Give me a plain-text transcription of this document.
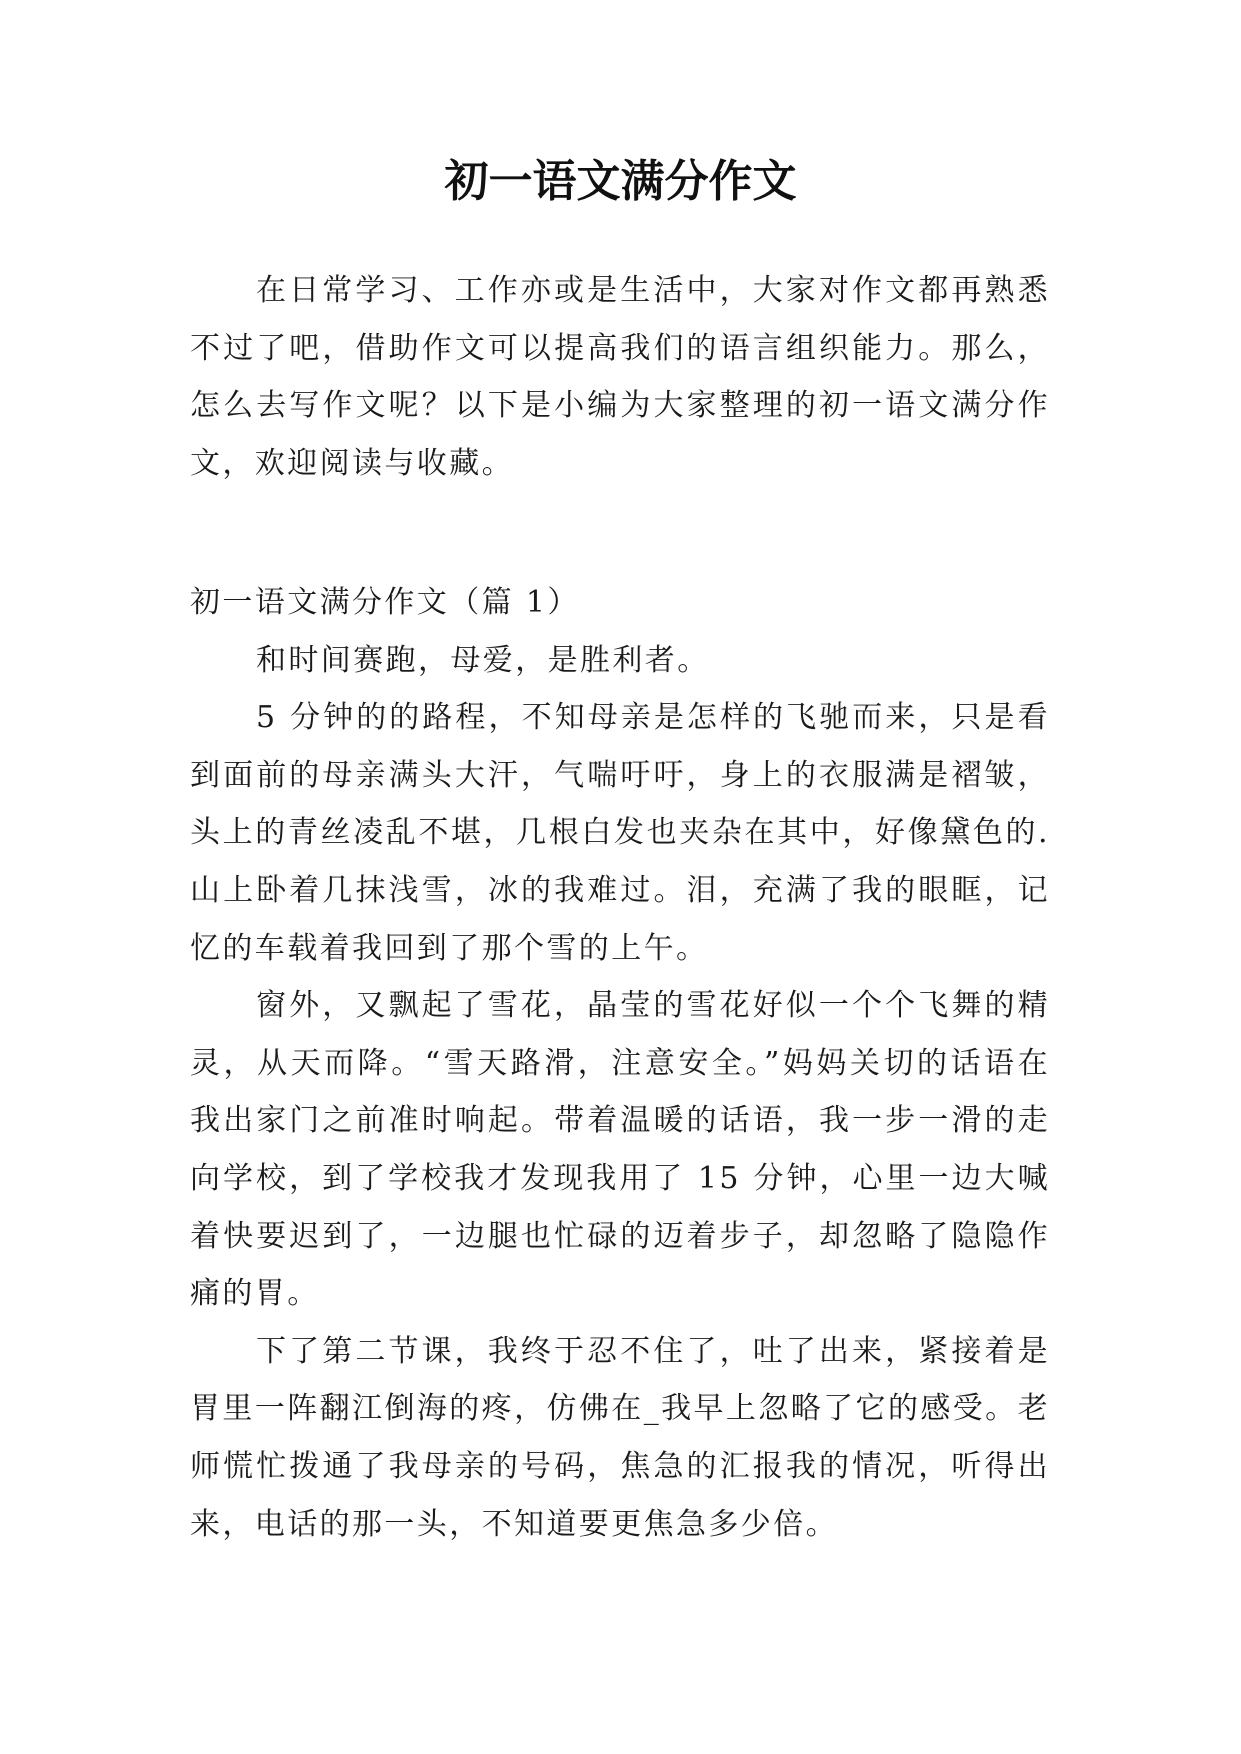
初一语文满分作文

在日常学习、工作亦或是生活中，大家对作文都再熟悉不过了吧，借助作文可以提高我们的语言组织能力。那么，怎么去写作文呢？以下是小编为大家整理的初一语文满分作文，欢迎阅读与收藏。

初一语文满分作文（篇 1）

和时间赛跑，母爱，是胜利者。

5 分钟的的路程，不知母亲是怎样的飞驰而来，只是看到面前的母亲满头大汗，气喘吁吁，身上的衣服满是褶皱，头上的青丝凌乱不堪，几根白发也夹杂在其中，好像黛色的.山上卧着几抹浅雪，冰的我难过。泪，充满了我的眼眶，记忆的车载着我回到了那个雪的上午。

窗外，又飘起了雪花，晶莹的雪花好似一个个飞舞的精灵，从天而降。“雪天路滑，注意安全。”妈妈关切的话语在我出家门之前准时响起。带着温暖的话语，我一步一滑的走向学校，到了学校我才发现我用了 15 分钟，心里一边大喊着快要迟到了，一边腿也忙碌的迈着步子，却忽略了隐隐作痛的胃。

下了第二节课，我终于忍不住了，吐了出来，紧接着是胃里一阵翻江倒海的疼，仿佛在_我早上忽略了它的感受。老师慌忙拨通了我母亲的号码，焦急的汇报我的情况，听得出来，电话的那一头，不知道要更焦急多少倍。
